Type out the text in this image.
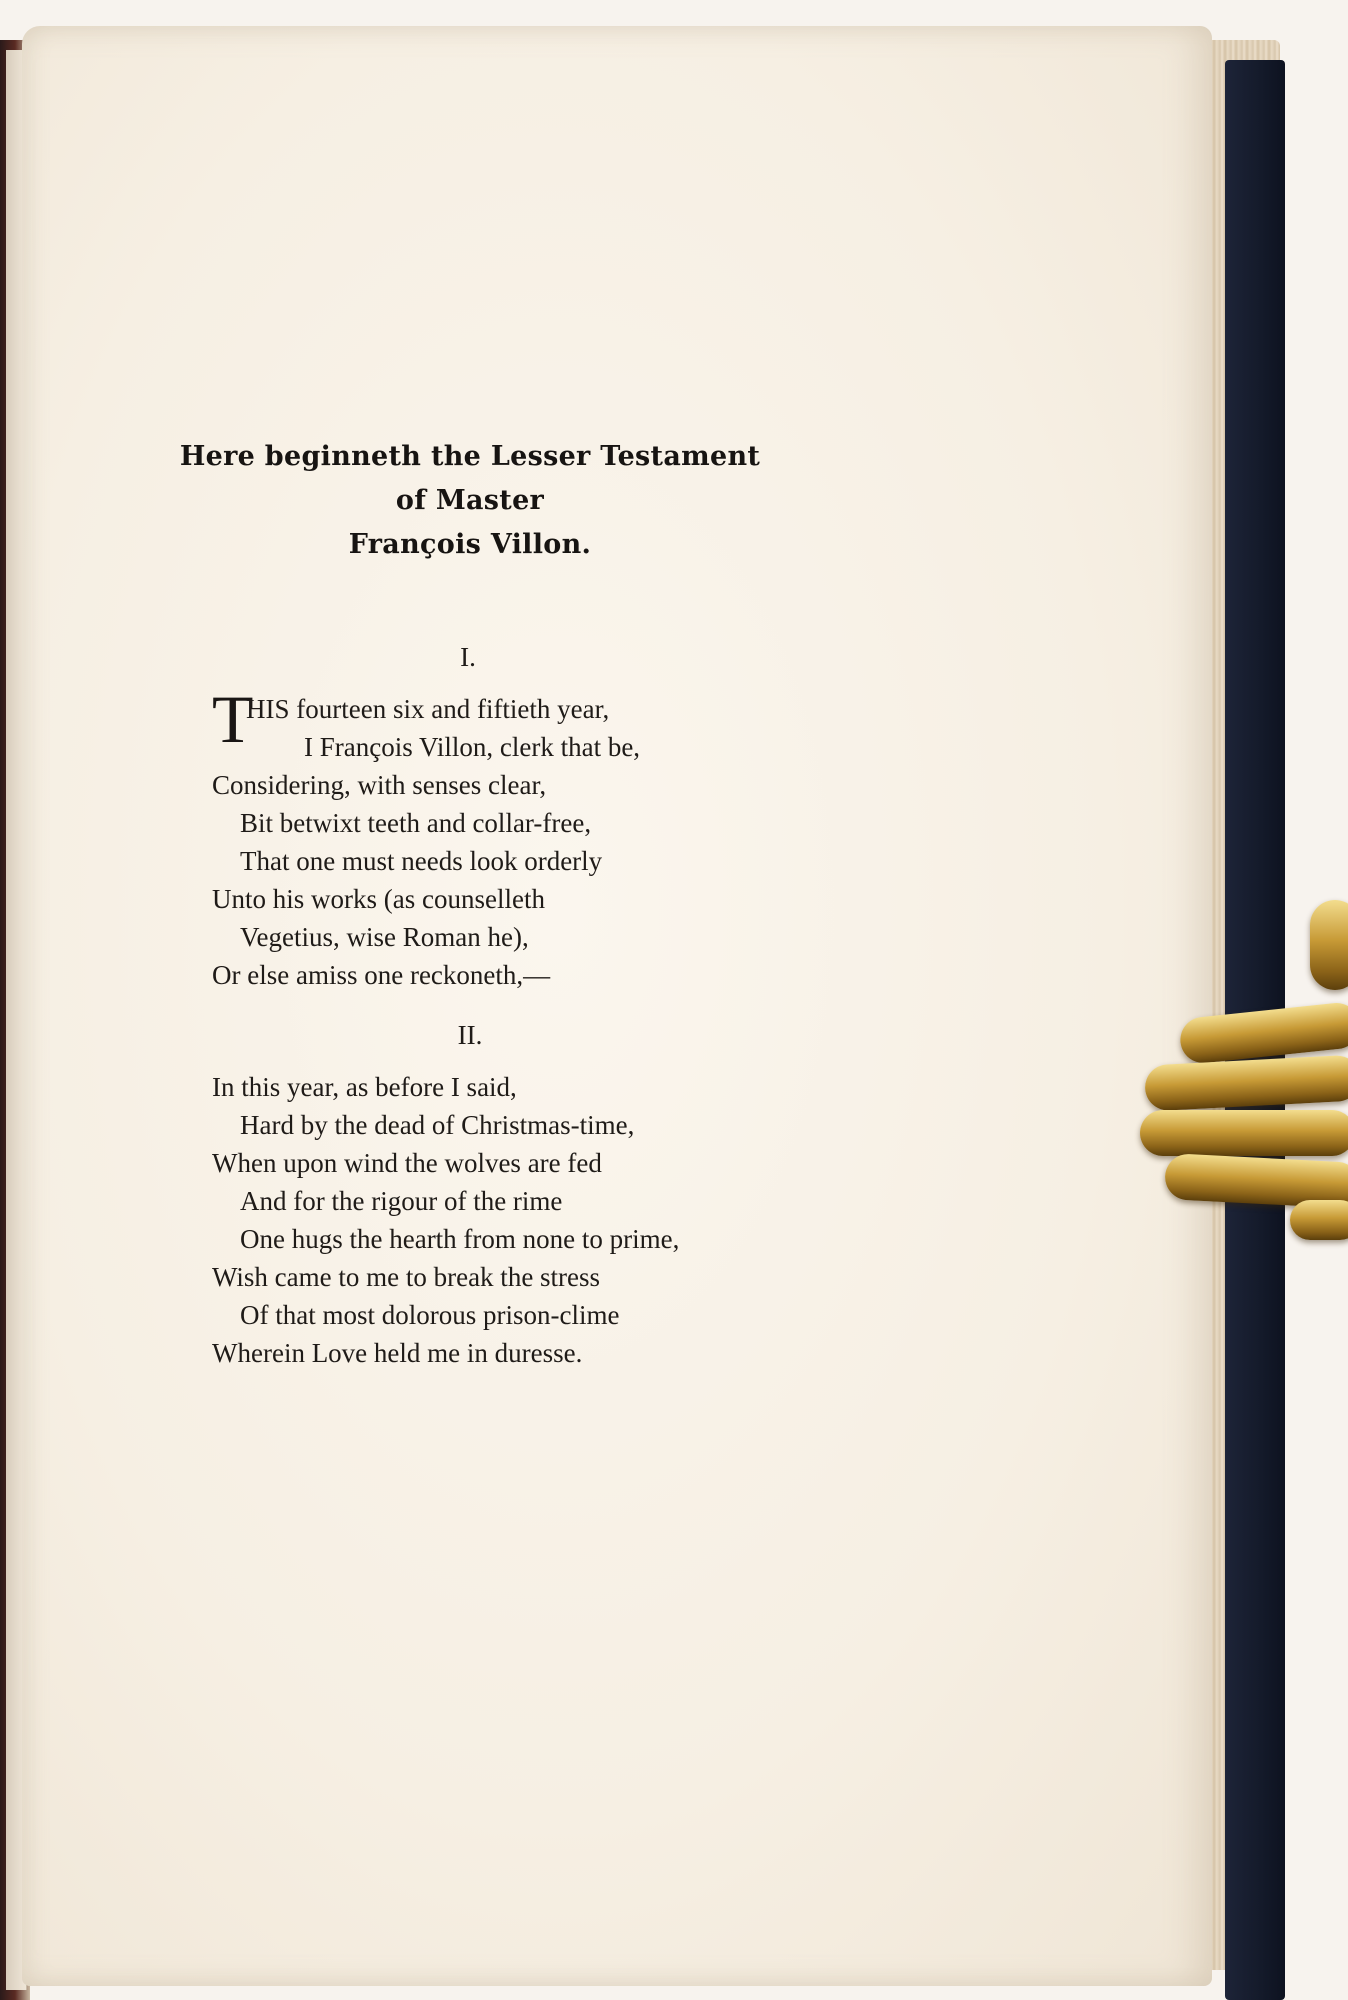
Here beginneth the Lesser Testament of Master
François Villon.
I.
T
HIS fourteen six and fiftieth year,
I François Villon, clerk that be,
Considering, with senses clear,
Bit betwixt teeth and collar-free,
That one must needs look orderly
Unto his works (as counselleth
Vegetius, wise Roman he),
Or else amiss one reckoneth,—
II.
In this year, as before I said,
Hard by the dead of Christmas-time,
When upon wind the wolves are fed
And for the rigour of the rime
One hugs the hearth from none to prime,
Wish came to me to break the stress
Of that most dolorous prison-clime
Wherein Love held me in duresse.
